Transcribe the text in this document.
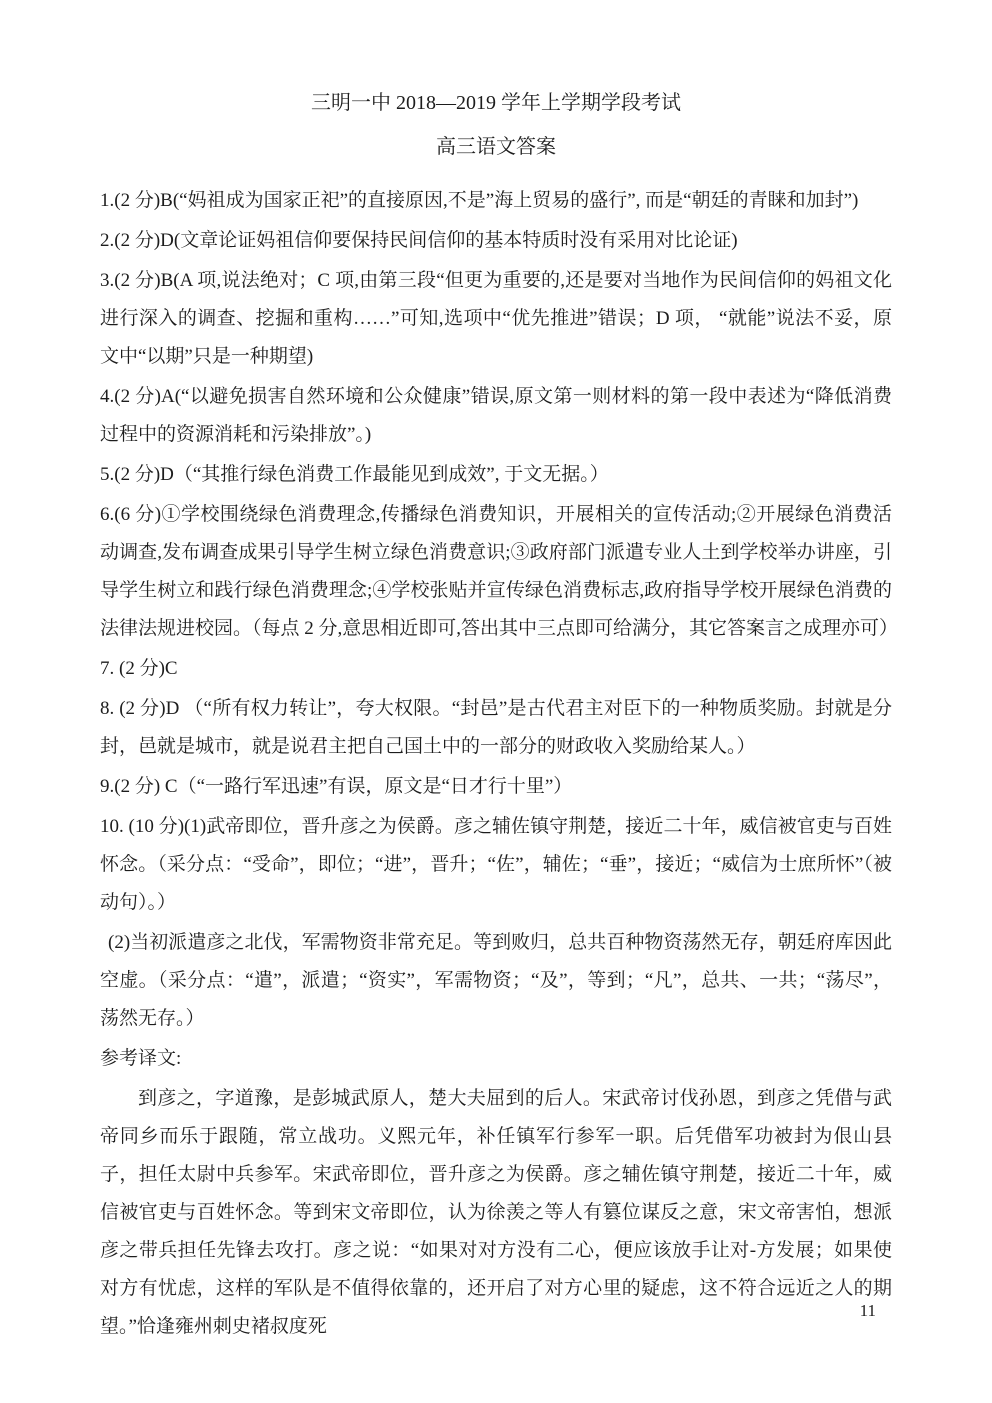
三明一中 2018—2019 学年上学期学段考试
高三语文答案

1.(2 分)B(“妈祖成为国家正祀”的直接原因,不是”海上贸易的盛行”, 而是“朝廷的青睐和加封”)

2.(2 分)D(文章论证妈祖信仰要保持民间信仰的基本特质时没有采用对比论证)

3.(2 分)B(A 项,说法绝对；C 项,由第三段“但更为重要的,还是要对当地作为民间信仰的妈祖文化进行深入的调查、挖掘和重构……”可知,选项中“优先推进”错误；D 项， “就能”说法不妥，原文中“以期”只是一种期望)

4.(2 分)A(“以避免损害自然环境和公众健康”错误,原文第一则材料的第一段中表述为“降低消费过程中的资源消耗和污染排放”。)

5.(2 分)D（“其推行绿色消费工作最能见到成效”, 于文无据。）

6.(6 分)①学校围绕绿色消费理念,传播绿色消费知识，开展相关的宣传活动;②开展绿色消费活动调查,发布调查成果引导学生树立绿色消费意识;③政府部门派遣专业人土到学校举办讲座，引导学生树立和践行绿色消费理念;④学校张贴并宣传绿色消费标志,政府指导学校开展绿色消费的法律法规进校园。（每点 2 分,意思相近即可,答出其中三点即可给满分，其它答案言之成理亦可）

7. (2 分)C

8. (2 分)D （“所有权力转让”，夸大权限。“封邑”是古代君主对臣下的一种物质奖励。封就是分封，邑就是城市，就是说君主把自己国土中的一部分的财政收入奖励给某人。）

9.(2 分) C（“一路行军迅速”有误，原文是“日才行十里”）

10. (10 分)(1)武帝即位，晋升彦之为侯爵。彦之辅佐镇守荆楚，接近二十年，威信被官吏与百姓怀念。（采分点：“受命”，即位；“进”，晋升；“佐”，辅佐；“垂”，接近；“威信为士庶所怀”（被动句）。）

(2)当初派遣彦之北伐，军需物资非常充足。等到败归，总共百种物资荡然无存，朝廷府库因此空虚。（采分点：“遣”，派遣；“资实”，军需物资；“及”，等到；“凡”，总共、一共；“荡尽”，荡然无存。）

参考译文:

到彦之，字道豫，是彭城武原人，楚大夫屈到的后人。宋武帝讨伐孙恩，到彦之凭借与武帝同乡而乐于跟随，常立战功。义熙元年，补任镇军行参军一职。后凭借军功被封为佷山县子，担任太尉中兵参军。宋武帝即位，晋升彦之为侯爵。彦之辅佐镇守荆楚，接近二十年，威信被官吏与百姓怀念。等到宋文帝即位，认为徐羡之等人有篡位谋反之意，宋文帝害怕，想派彦之带兵担任先锋去攻打。彦之说：“如果对对方没有二心，便应该放手让对-方发展；如果使对方有忧虑，这样的军队是不值得依靠的，还开启了对方心里的疑虑，这不符合远近之人的期望。”恰逢雍州刺史褚叔度死

11
